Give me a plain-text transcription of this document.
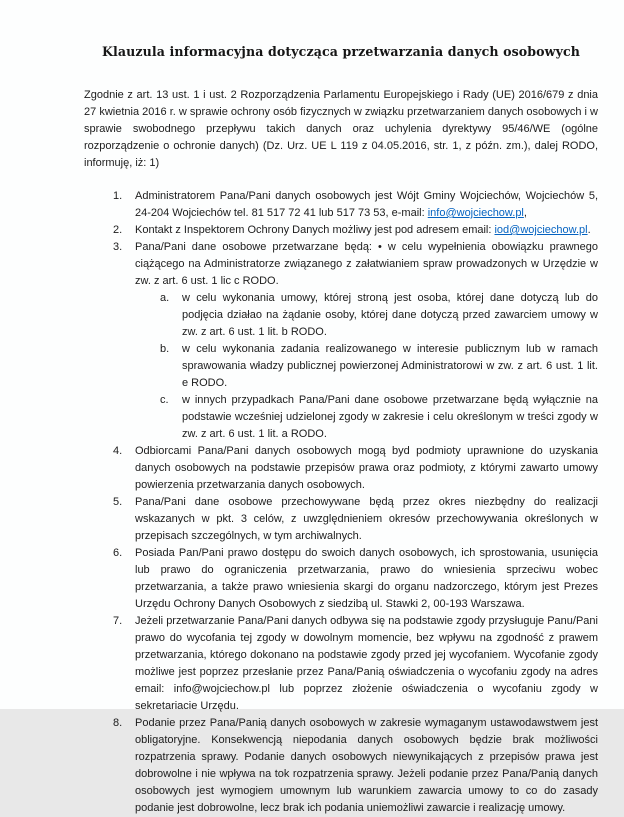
Klauzula informacyjna dotycząca przetwarzania danych osobowych

Zgodnie z art. 13 ust. 1 i ust. 2 Rozporządzenia Parlamentu Europejskiego i Rady (UE) 2016/679 z dnia 27 kwietnia 2016 r. w sprawie ochrony osób fizycznych w związku przetwarzaniem danych osobowych i w sprawie swobodnego przepływu takich danych oraz uchylenia dyrektywy 95/46/WE (ogólne rozporządzenie o ochronie danych) (Dz. Urz. UE L 119 z 04.05.2016, str. 1, z późn. zm.), dalej RODO, informuję, iż: 1)

1.	Administratorem Pana/Pani danych osobowych jest Wójt Gminy Wojciechów, Wojciechów 5, 24-204 Wojciechów tel. 81 517 72 41 lub 517 73 53, e-mail: info@wojciechow.pl,
2.	Kontakt z Inspektorem Ochrony Danych możliwy jest pod adresem email: iod@wojciechow.pl.
3.	Pana/Pani dane osobowe przetwarzane będą: • w celu wypełnienia obowiązku prawnego ciążącego na Administratorze związanego z załatwianiem spraw prowadzonych w Urzędzie w zw. z art. 6 ust. 1 lic c RODO.
a.	w celu wykonania umowy, której stroną jest osoba, której dane dotyczą lub do podjęcia działao na żądanie osoby, której dane dotyczą przed zawarciem umowy w zw. z art. 6 ust. 1 lit. b RODO.
b.	w celu wykonania zadania realizowanego w interesie publicznym lub w ramach sprawowania władzy publicznej powierzonej Administratorowi w zw. z art. 6 ust. 1 lit. e RODO.
c.	w innych przypadkach Pana/Pani dane osobowe przetwarzane będą wyłącznie na podstawie wcześniej udzielonej zgody w zakresie i celu określonym w treści zgody w zw. z art. 6 ust. 1 lit. a RODO.
4.	Odbiorcami Pana/Pani danych osobowych mogą byd podmioty uprawnione do uzyskania danych osobowych na podstawie przepisów prawa oraz podmioty, z którymi zawarto umowy powierzenia przetwarzania danych osobowych.
5.	Pana/Pani dane osobowe przechowywane będą przez okres niezbędny do realizacji wskazanych w pkt. 3 celów, z uwzględnieniem okresów przechowywania określonych w przepisach szczególnych, w tym archiwalnych.
6.	Posiada Pan/Pani prawo dostępu do swoich danych osobowych, ich sprostowania, usunięcia lub prawo do ograniczenia przetwarzania, prawo do wniesienia sprzeciwu wobec przetwarzania, a także prawo wniesienia skargi do organu nadzorczego, którym jest Prezes Urzędu Ochrony Danych Osobowych z siedzibą ul. Stawki 2, 00-193 Warszawa.
7.	Jeżeli przetwarzanie Pana/Pani danych odbywa się na podstawie zgody przysługuje Panu/Pani prawo do wycofania tej zgody w dowolnym momencie, bez wpływu na zgodność z prawem przetwarzania, którego dokonano na podstawie zgody przed jej wycofaniem. Wycofanie zgody możliwe jest poprzez przesłanie przez Pana/Panią oświadczenia o wycofaniu zgody na adres email: info@wojciechow.pl lub poprzez złożenie oświadczenia o wycofaniu zgody w sekretariacie Urzędu.
8.	Podanie przez Pana/Panią danych osobowych w zakresie wymaganym ustawodawstwem jest obligatoryjne. Konsekwencją niepodania danych osobowych będzie brak możliwości rozpatrzenia sprawy. Podanie danych osobowych niewynikających z przepisów prawa jest dobrowolne i nie wpływa na tok rozpatrzenia sprawy. Jeżeli podanie przez Pana/Panią danych osobowych jest wymogiem umownym lub warunkiem zawarcia umowy to co do zasady podanie jest dobrowolne, lecz brak ich podania uniemożliwi zawarcie i realizację umowy.
